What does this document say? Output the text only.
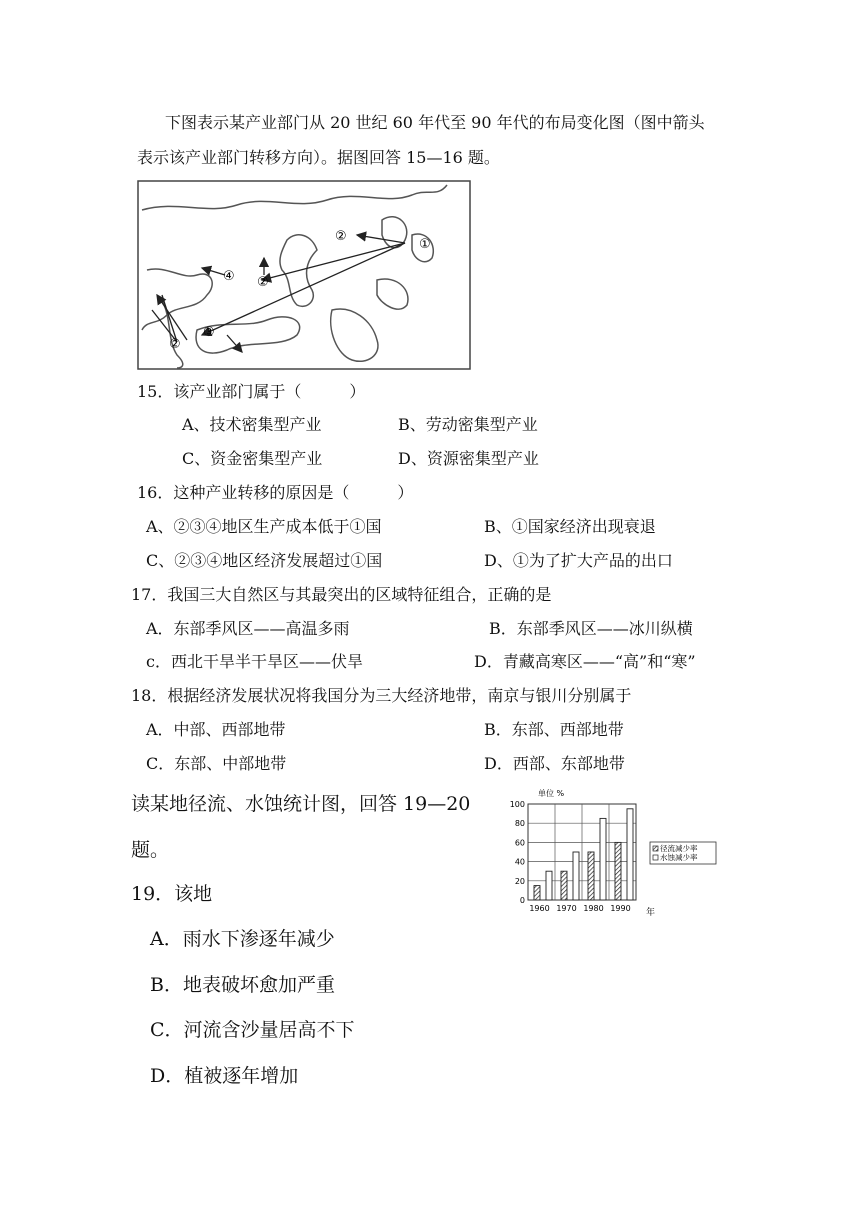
下图表示某产业部门从 20 世纪 60 年代至 90 年代的布局变化图（图中箭头
表示该产业部门转移方向）。据图回答 15—16 题。
①
②
②
③
④
②
15．该产业部门属于（　　　）
A、技术密集型产业	B、劳动密集型产业
C、资金密集型产业	D、资源密集型产业
16．这种产业转移的原因是（　　　）
A、②③④地区生产成本低于①国	B、①国家经济出现衰退
C、②③④地区经济发展超过①国	D、①为了扩大产品的出口
17．我国三大自然区与其最突出的区域特征组合，正确的是
A．东部季风区——高温多雨	B．东部季风区——冰川纵横
c．西北干旱半干旱区——伏旱	D．青藏高寒区——“高”和“寒”
18．根据经济发展状况将我国分为三大经济地带，南京与银川分别属于
A．中部、西部地带	B．东部、西部地带
C．东部、中部地带	D．西部、东部地带
读某地径流、水蚀统计图，回答 19—20
题。
单位 %
年
0
20
40
60
80
100
1960 1970 1980 1990
径流减少率
水蚀减少率
19．该地
A．雨水下渗逐年减少
B．地表破坏愈加严重
C．河流含沙量居高不下
D．植被逐年增加
